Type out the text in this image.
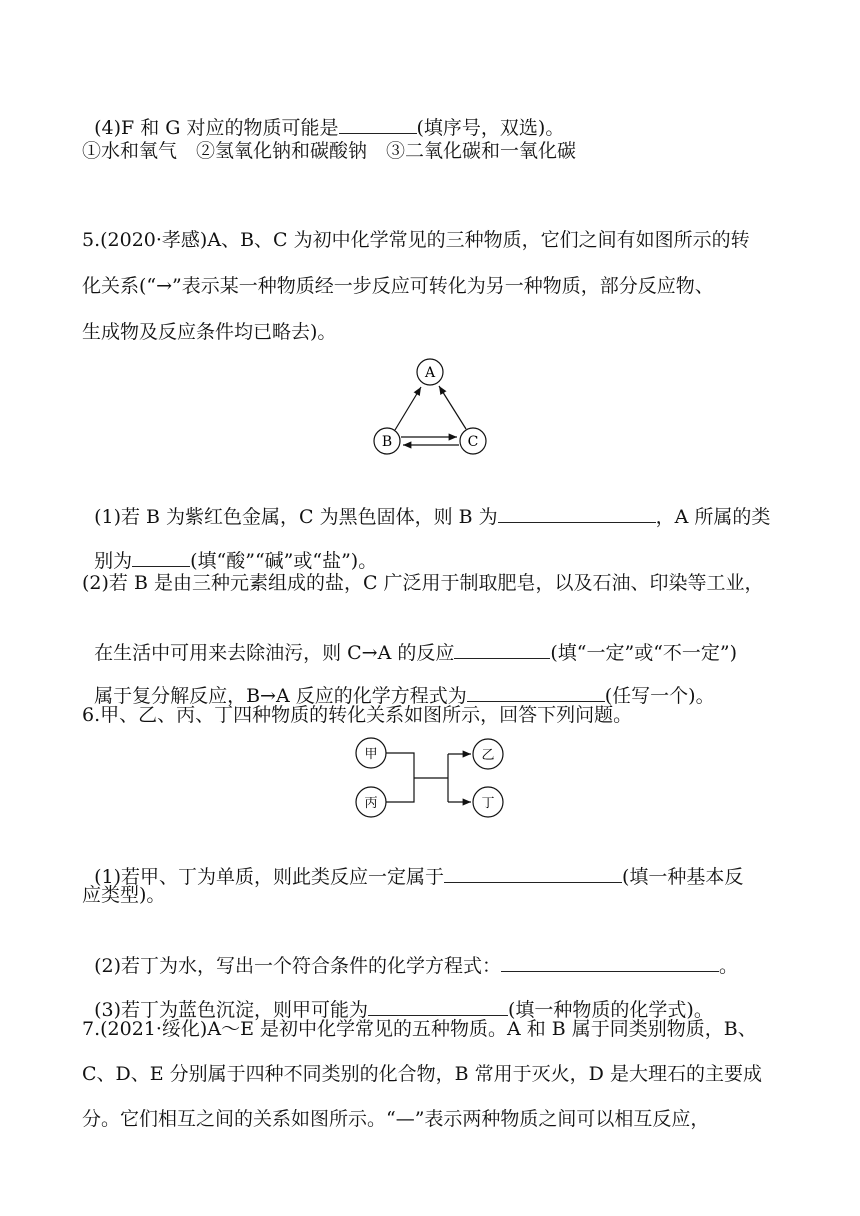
(4)F 和 G 对应的物质可能是	(填序号，双选)。

①水和氧气　②氢氧化钠和碳酸钠　③二氧化碳和一氧化碳
5.(2020·孝感)A、B、C 为初中化学常见的三种物质，它们之间有如图所示的转
化关系(“→”表示某一种物质经一步反应可转化为另一种物质，部分反应物、
生成物及反应条件均已略去)。
A
B	C

(1)若 B 为紫红色金属，C 为黑色固体，则 B 为	，A 所属的类

别为	(填“酸”“碱”或“盐”)。

(2)若 B 是由三种元素组成的盐，C 广泛用于制取肥皂，以及石油、印染等工业，

在生活中可用来去除油污，则 C→A 的反应	(填“一定”或“不一定”)

属于复分解反应，B→A 反应的化学方程式为	(任写一个)。

6.甲、乙、丙、丁四种物质的转化关系如图所示，回答下列问题。
甲
丙
乙
丁

(1)若甲、丁为单质，则此类反应一定属于	(填一种基本反

应类型)。

(2)若丁为水，写出一个符合条件的化学方程式：	。

(3)若丁为蓝色沉淀，则甲可能为	(填一种物质的化学式)。

7.(2021·绥化)A～E 是初中化学常见的五种物质。A 和 B 属于同类别物质，B、
C、D、E 分别属于四种不同类别的化合物，B 常用于灭火，D 是大理石的主要成
分。它们相互之间的关系如图所示。“—”表示两种物质之间可以相互反应，
